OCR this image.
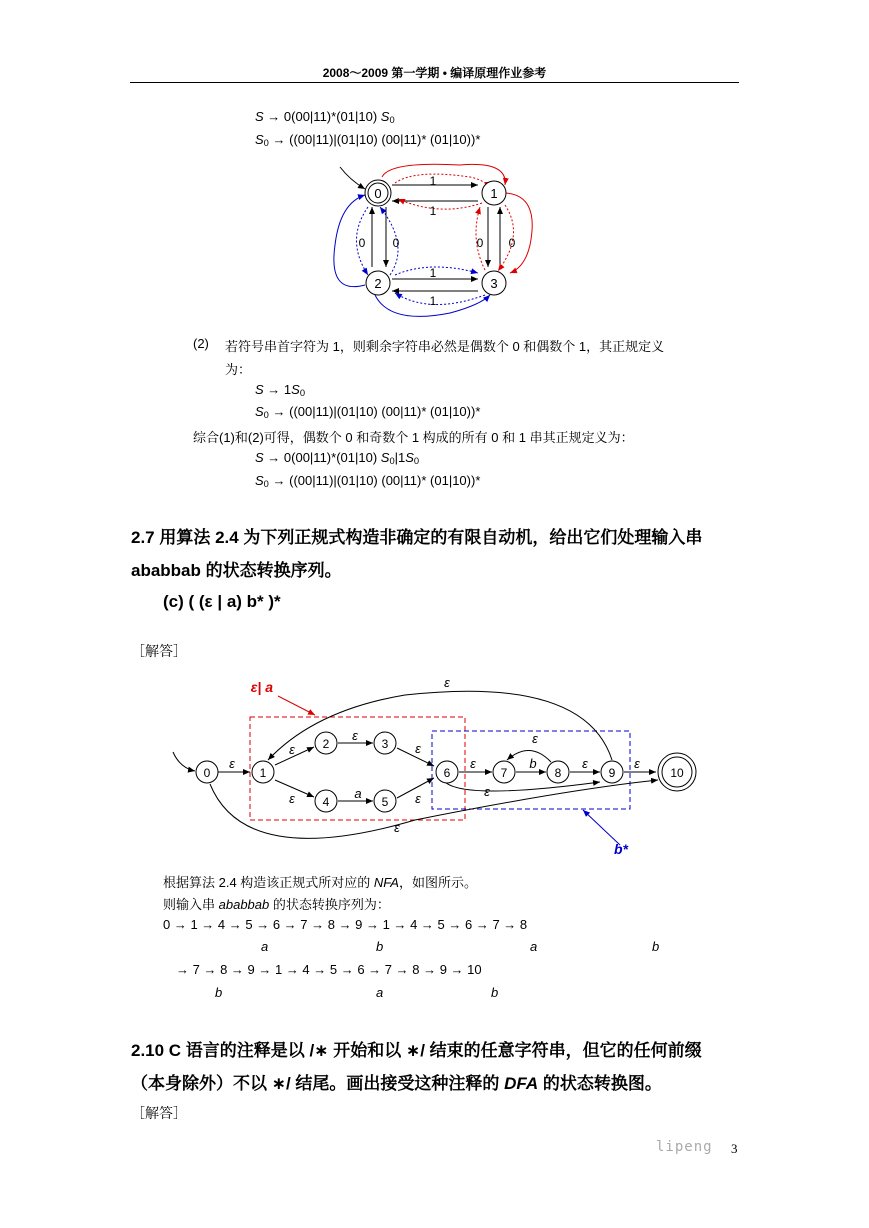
2008～2009 第一学期 • 编译原理作业参考
S → 0(00|11)*(01|10) $S_0$
$S_0 \to ((00|11)|(01|10)$ (00|11)* (01|10))*
0	1
2	3
1
1
1
1
0 0	0 0
(2) 若符号串首字符为 1，则剩余字符串必然是偶数个 0 和偶数个 1，其正规定义
为：
$S \to 1S_0$
$S_0 \to ((00|11)|(01|10)$ (00|11)* (01|10))*
综合(1)和(2)可得，偶数个 0 和奇数个 1 构成的所有 0 和 1 串其正规定义为：
S → 0(00|11)*(01|10) $S_0|1S_0$
$S_0 \to ((00|11)|(01|10)$ (00|11)* (01|10))*
2.7 用算法 2.4 为下列正规式构造非确定的有限自动机，给出它们处理输入串
ababbab 的状态转换序列。
(c) ( (ε | a) b* )*
［解答］
0	1
2	3
4	5
6	7	8	9	10
ε
ε
ε
ε
a
ε
ε
ε	b	ε	ε
ε
ε
ε
ε
ε| a
b*
根据算法 2.4 构造该正规式所对应的 NFA，如图所示。
则输入串 ababbab 的状态转换序列为：
0 → 1 → 4 → 5 → 6 → 7 → 8 → 9 → 1 → 4 → 5 → 6 → 7 → 8
a	b	a	b
→ 7 → 8 → 9 → 1 → 4 → 5 → 6 → 7 → 8 → 9 → 10
b	a	b
2.10 C 语言的注释是以 /∗ 开始和以 ∗/ 结束的任意字符串，但它的任何前缀
（本身除外）不以 ∗/ 结尾。画出接受这种注释的 DFA 的状态转换图。
［解答］
lipeng 3
